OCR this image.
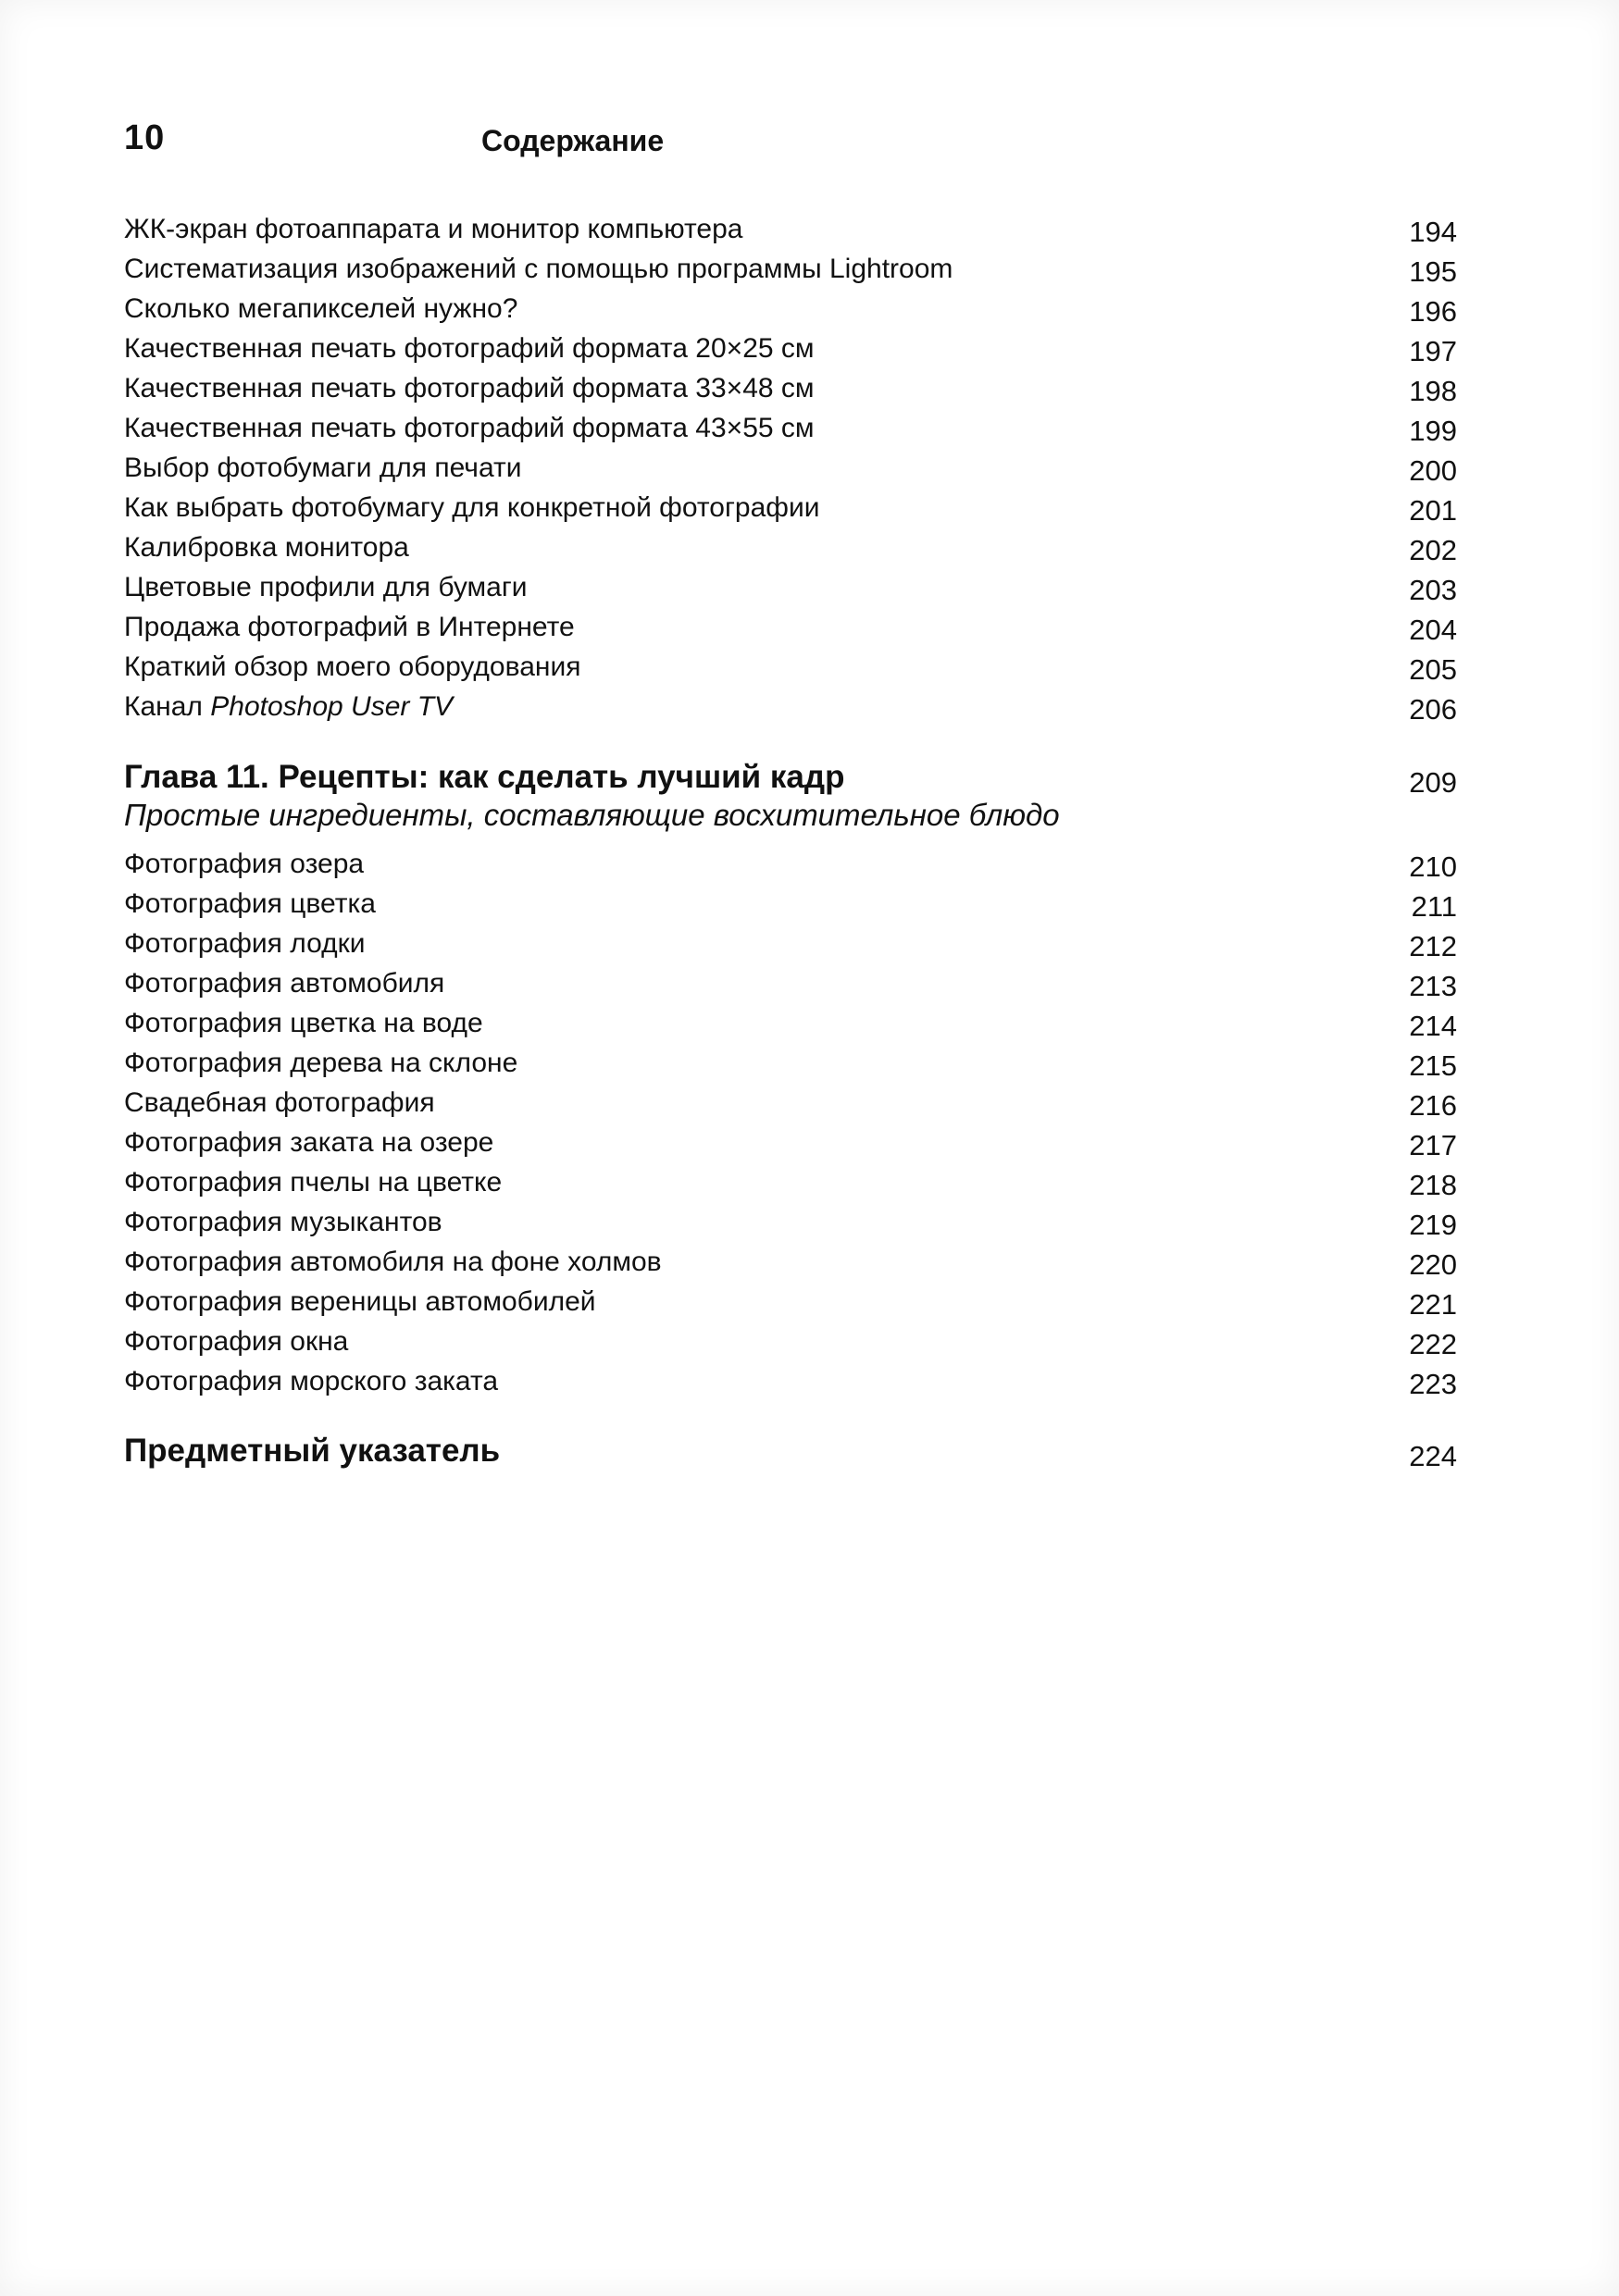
10	Содержание
ЖК-экран фотоаппарата и монитор компьютера	194
Систематизация изображений с помощью программы Lightroom	195
Сколько мегапикселей нужно?	196
Качественная печать фотографий формата 20×25 см	197
Качественная печать фотографий формата 33×48 см	198
Качественная печать фотографий формата 43×55 см	199
Выбор фотобумаги для печати	200
Как выбрать фотобумагу для конкретной фотографии	201
Калибровка монитора	202
Цветовые профили для бумаги	203
Продажа фотографий в Интернете	204
Краткий обзор моего оборудования	205
Канал Photoshop User TV	206
Глава 11. Рецепты: как сделать лучший кадр	209
Простые ингредиенты, составляющие восхитительное блюдо
Фотография озера	210
Фотография цветка	211
Фотография лодки	212
Фотография автомобиля	213
Фотография цветка на воде	214
Фотография дерева на склоне	215
Свадебная фотография	216
Фотография заката на озере	217
Фотография пчелы на цветке	218
Фотография музыкантов	219
Фотография автомобиля на фоне холмов	220
Фотография вереницы автомобилей	221
Фотография окна	222
Фотография морского заката	223
Предметный указатель	224
